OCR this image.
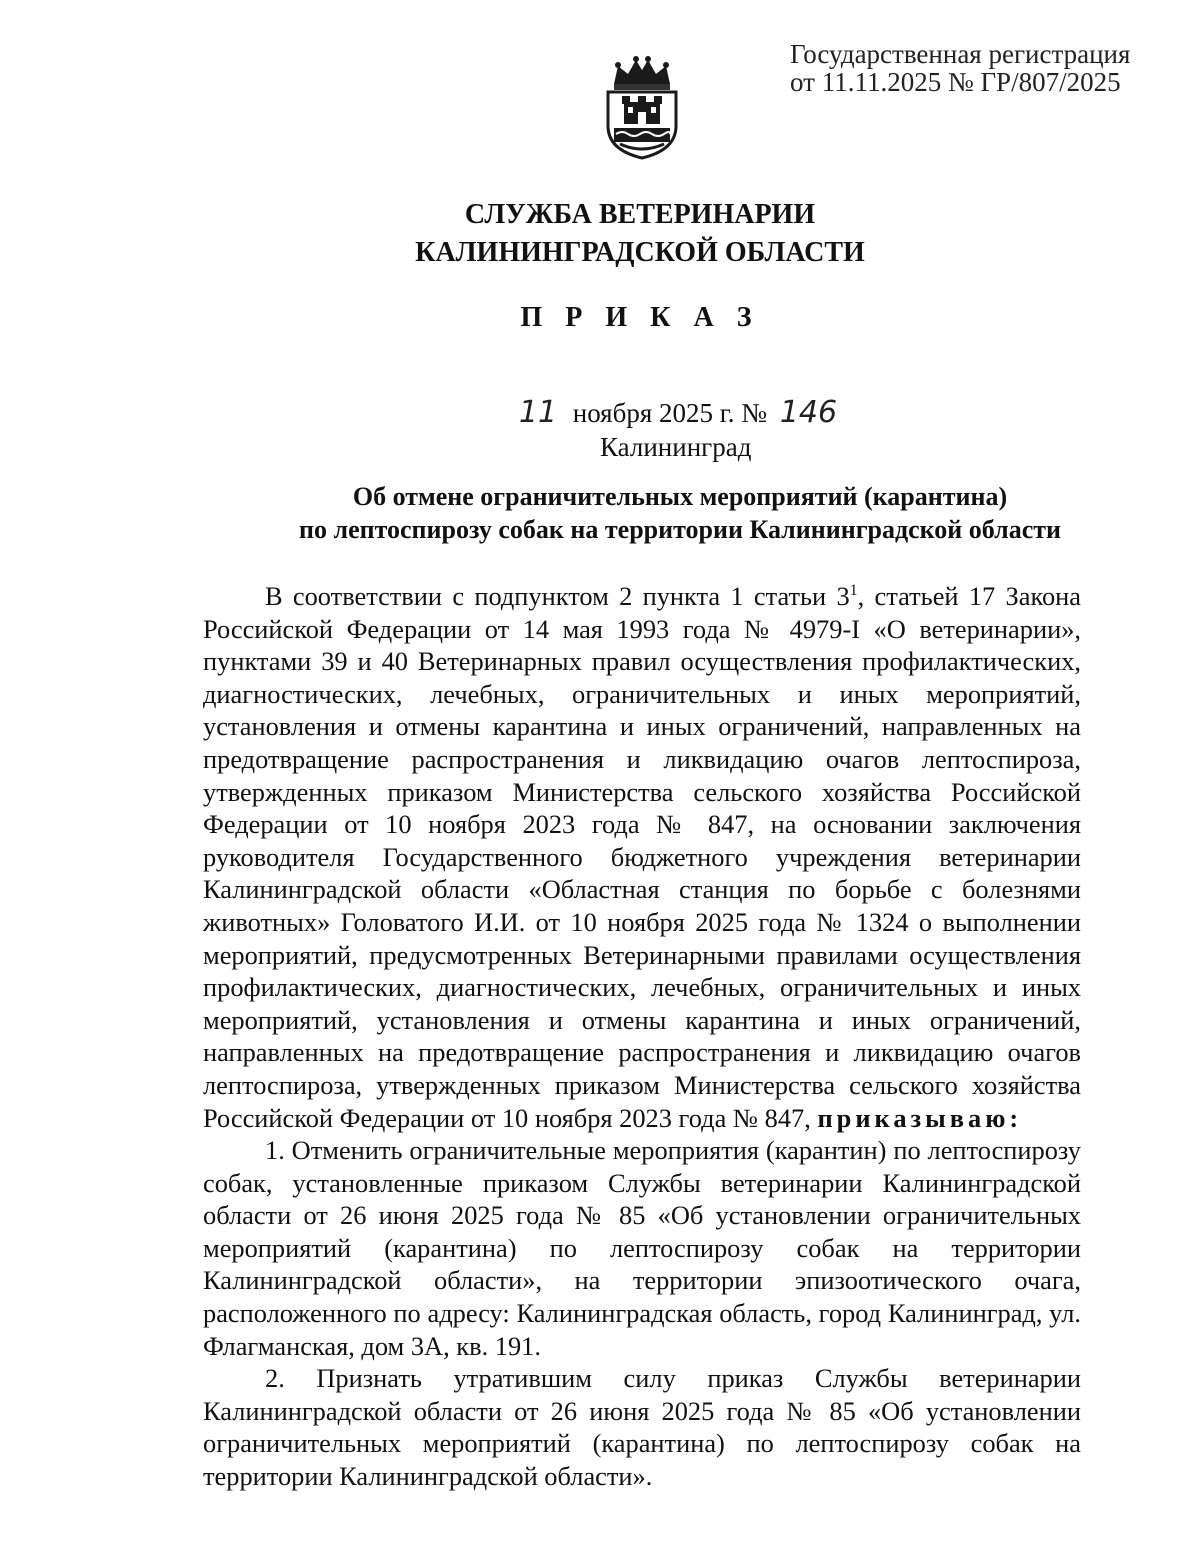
Государственная регистрация
от 11.11.2025 № ГР/807/2025
СЛУЖБА ВЕТЕРИНАРИИ
КАЛИНИНГРАДСКОЙ ОБЛАСТИ
П Р И К А З
11 ноября 2025 г. № 146
Калининград
Об отмене ограничительных мероприятий (карантина)
по лептоспирозу собак на территории Калининградской области

В соответствии с подпунктом 2 пункта 1 статьи $3^1$, статьей 17 Закона Российской Федерации от 14 мая 1993 года № 4979-I «О ветеринарии», пунктами 39 и 40 Ветеринарных правил осуществления профилактических, диагностических, лечебных, ограничительных и иных мероприятий, установления и отмены карантина и иных ограничений, направленных на предотвращение распространения и ликвидацию очагов лептоспироза, утвержденных приказом Министерства сельского хозяйства Российской Федерации от 10 ноября 2023 года № 847, на основании заключения руководителя Государственного бюджетного учреждения ветеринарии Калининградской области «Областная станция по борьбе с болезнями животных» Головатого И.И. от 10 ноября 2025 года № 1324 о выполнении мероприятий, предусмотренных Ветеринарными правилами осуществления профилактических, диагностических, лечебных, ограничительных и иных мероприятий, установления и отмены карантина и иных ограничений, направленных на предотвращение распространения и ликвидацию очагов лептоспироза, утвержденных приказом Министерства сельского хозяйства Российской Федерации от 10 ноября 2023 года № 847, приказываю:

1. Отменить ограничительные мероприятия (карантин) по лептоспирозу собак, установленные приказом Службы ветеринарии Калининградской области от 26 июня 2025 года № 85 «Об установлении ограничительных мероприятий (карантина) по лептоспирозу собак на территории Калининградской области», на территории эпизоотического очага, расположенного по адресу: Калининградская область, город Калининград, ул. Флагманская, дом 3А, кв. 191.

2. Признать утратившим силу приказ Службы ветеринарии Калининградской области от 26 июня 2025 года № 85 «Об установлении ограничительных мероприятий (карантина) по лептоспирозу собак на территории Калининградской области».
